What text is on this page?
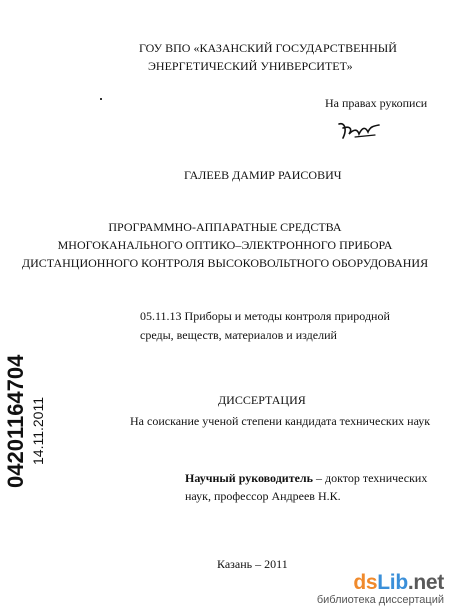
ГОУ ВПО «КАЗАНСКИЙ ГОСУДАРСТВЕННЫЙ
ЭНЕРГЕТИЧЕСКИЙ УНИВЕРСИТЕТ»
На правах рукописи
ГАЛЕЕВ ДАМИР РАИСОВИЧ
ПРОГРАММНО-АППАРАТНЫЕ СРЕДСТВА
МНОГОКАНАЛЬНОГО ОПТИКО–ЭЛЕКТРОННОГО ПРИБОРА
ДИСТАНЦИОННОГО КОНТРОЛЯ ВЫСОКОВОЛЬТНОГО ОБОРУДОВАНИЯ
05.11.13 Приборы и методы контроля природной
среды, веществ, материалов и изделий
04201164704 14.11.2011	ДИССЕРТАЦИЯ
На соискание ученой степени кандидата технических наук
Научный руководитель – доктор технических
наук, профессор Андреев Н.К.
Казань – 2011
dsLib.net
библиотека диссертаций
